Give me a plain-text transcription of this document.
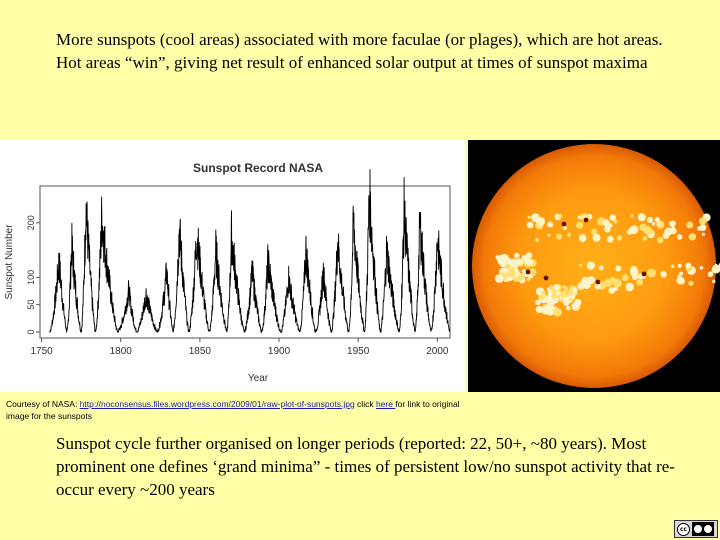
More sunspots (cool areas) associated with more faculae (or plages), which are hot areas. Hot areas “win”, giving net result of enhanced solar output at times of sunspot maxima
Sunspot Record NASA
Sunspot Number
Year
1750	1800	1850	1900	1950	2000
0
50
100
200
Courtesy of NASA: http://noconsensus.files.wordpress.com/2009/01/raw-plot-of-sunspots.jpg click here for link to original image for the sunspots
Sunspot cycle further organised on longer periods (reported: 22, 50+, ~80 years). Most prominent one defines ‘grand minima” - times of persistent low/no sunspot activity that re-occur every ~200 years
cc
